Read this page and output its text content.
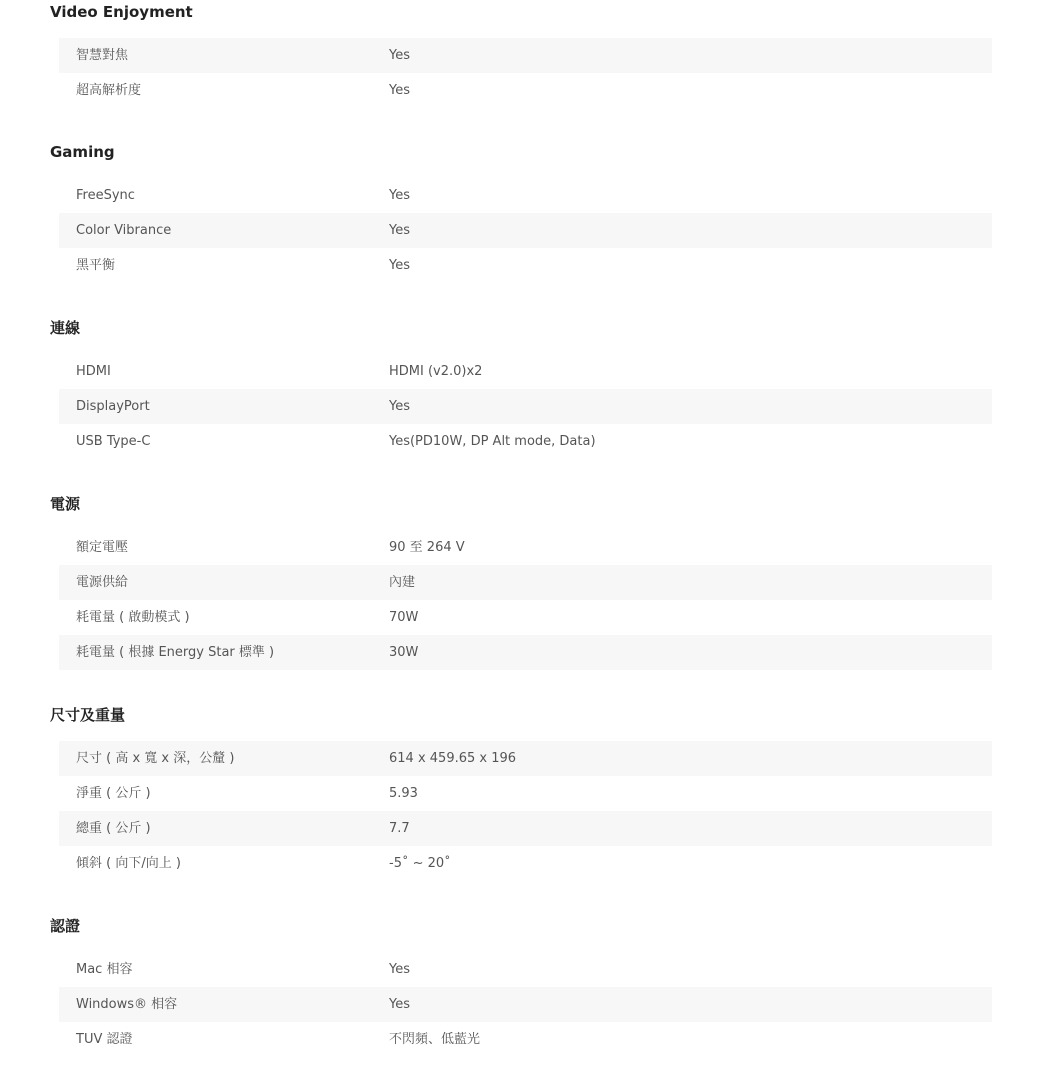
Video Enjoyment
智慧對焦	Yes
超高解析度	Yes
Gaming
FreeSync	Yes
Color Vibrance	Yes
黑平衡	Yes
連線
HDMI	HDMI (v2.0)x2
DisplayPort	Yes
USB Type-C	Yes(PD10W, DP Alt mode, Data)
電源
額定電壓	90 至 264 V
電源供給	內建
耗電量 ( 啟動模式 )	70W
耗電量 ( 根據 Energy Star 標準 )	30W
尺寸及重量
尺寸 ( 高 x 寬 x 深，公釐 )	614 x 459.65 x 196
淨重 ( 公斤 )	5.93
總重 ( 公斤 )	7.7
傾斜 ( 向下/向上 )	-5˚ ~ 20˚
認證
Mac 相容	Yes
Windows® 相容	Yes
TUV 認證	不閃頻、低藍光
